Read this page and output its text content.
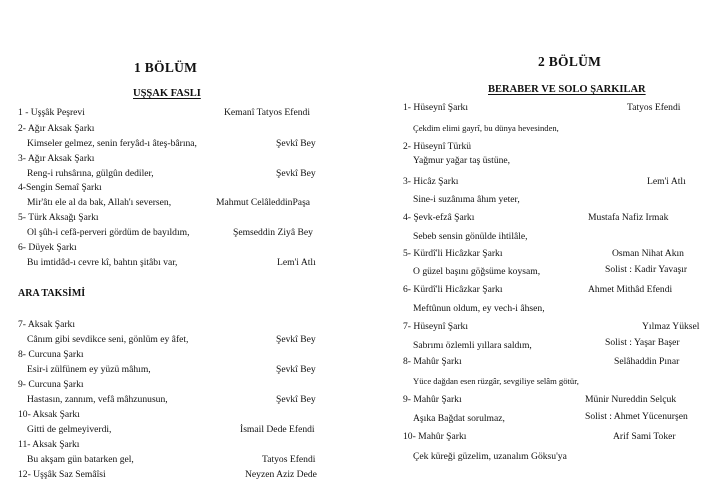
1 BÖLÜM
UŞŞAK FASLI
1 - Uşşâk Peşrevi	Kemanî Tatyos Efendi
2- Ağır Aksak Şarkı
Kimseler gelmez, senin feryâd-ı âteş-bârına,	Şevkî Bey
3- Ağır Aksak Şarkı
Reng-i ruhsârına, gülgûn dediler,	Şevkî Bey
4-Sengin Semaî Şarkı
Mir'âtı ele al da bak, Allah'ı seversen,	Mahmut CelâleddinPaşa
5- Türk Aksağı Şarkı
Ol şûh-i cefâ-perveri gördüm de bayıldım,	Şemseddin Ziyâ Bey
6- Düyek Şarkı
Bu imtidâd-ı cevre kî, bahtın şitâbı var,	Lem'i Atlı
ARA TAKSİMİ
7- Aksak Şarkı
Cânım gibi sevdikce seni, gönlüm ey âfet,	Şevkî Bey
8- Curcuna Şarkı
Esir-i zülfünem ey yüzü mâhım,	Şevkî Bey
9- Curcuna Şarkı
Hastasın, zannım, vefâ mâhzunusun,	Şevkî Bey
10- Aksak Şarkı
Gitti de gelmeyiverdi,	İsmail Dede Efendi
11- Aksak Şarkı
Bu akşam gün batarken gel,	Tatyos Efendi
12- Uşşâk Saz Semâîsi	Neyzen Aziz Dede
2 BÖLÜM
BERABER VE SOLO ŞARKILAR
1- Hüseynî Şarkı	Tatyos Efendi
Çekdim elimi gayrî, bu dünya hevesinden,
2- Hüseynî Türkü
Yağmur yağar taş üstüne,
3- Hicâz Şarkı	Lem'i Atlı
Sine-i suzânıma âhım yeter,
4- Şevk-efzâ Şarkı	Mustafa Nafiz Irmak
Sebeb sensin gönülde ihtilâle,
5- Kürdî'li Hicâzkar Şarkı	Osman Nihat Akın
O güzel başını göğsüme koysam,	Solist : Kadir Yavaşır
6- Kürdî'li Hicâzkar Şarkı	Ahmet Mithâd Efendi
Meftûnun oldum, ey vech-i âhsen,
7- Hüseynî Şarkı	Yılmaz Yüksel
Sabrımı özlemli yıllara saldım,	Solist : Yaşar Başer
8- Mahûr Şarkı	Selâhaddin Pınar
Yüce dağdan esen rüzgâr, sevgiliye selâm götür,
9- Mahûr Şarkı	Münir Nureddin Selçuk
Aşıka Bağdat sorulmaz,	Solist : Ahmet Yücenurşen
10- Mahûr Şarkı	Arif Sami Toker
Çek küreği güzelim, uzanalım Göksu'ya
